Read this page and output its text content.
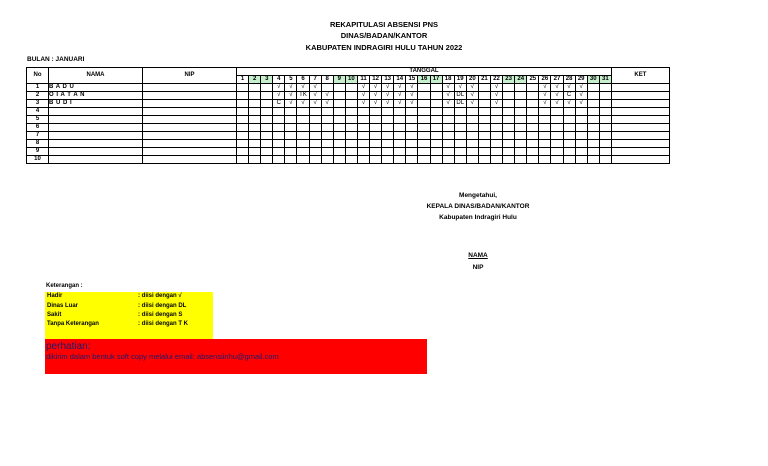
REKAPITULASI ABSENSI PNS
DINAS/BADAN/KANTOR
KABUPATEN INDRAGIRI HULU TAHUN 2022
BULAN : JANUARI
No	NAMA	NIP	TANGGAL																															KET
			1	2	3	4	5	6	7	8	9	10	11	12	13	14	15	16	17	18	19	20	21	22	23	24	25	26	27	28	29	30	31	
1	B A D U					√	√	√	√				√	√	√	√	√			√	√	√		√				√	√	√	√			
2	O I A T A N					√	√	TK	√	√			√	√	√	√	√			√	DL	√		√				√	√	C	√			
3	B U D I					C	√	√	√	√			√	√	√	√	√			√	DL	√		√				√	√	√	√			
4																																		
5																																		
6																																		
7																																		
8																																		
9																																		
10																																		
Mengetahui,
KEPALA DINAS/BADAN/KANTOR
Kabupaten Indragiri Hulu
NAMA
NIP
Keterangan :
Hadir	: diisi dengan √
Dinas Luar	: diisi dengan DL
Sakit	: diisi dengan S
Tanpa Keterangan	: diisi dengan T K
perhatian:
dikirim dalam bentuk soft copy melalui email: absensiinhu@gmail.com
